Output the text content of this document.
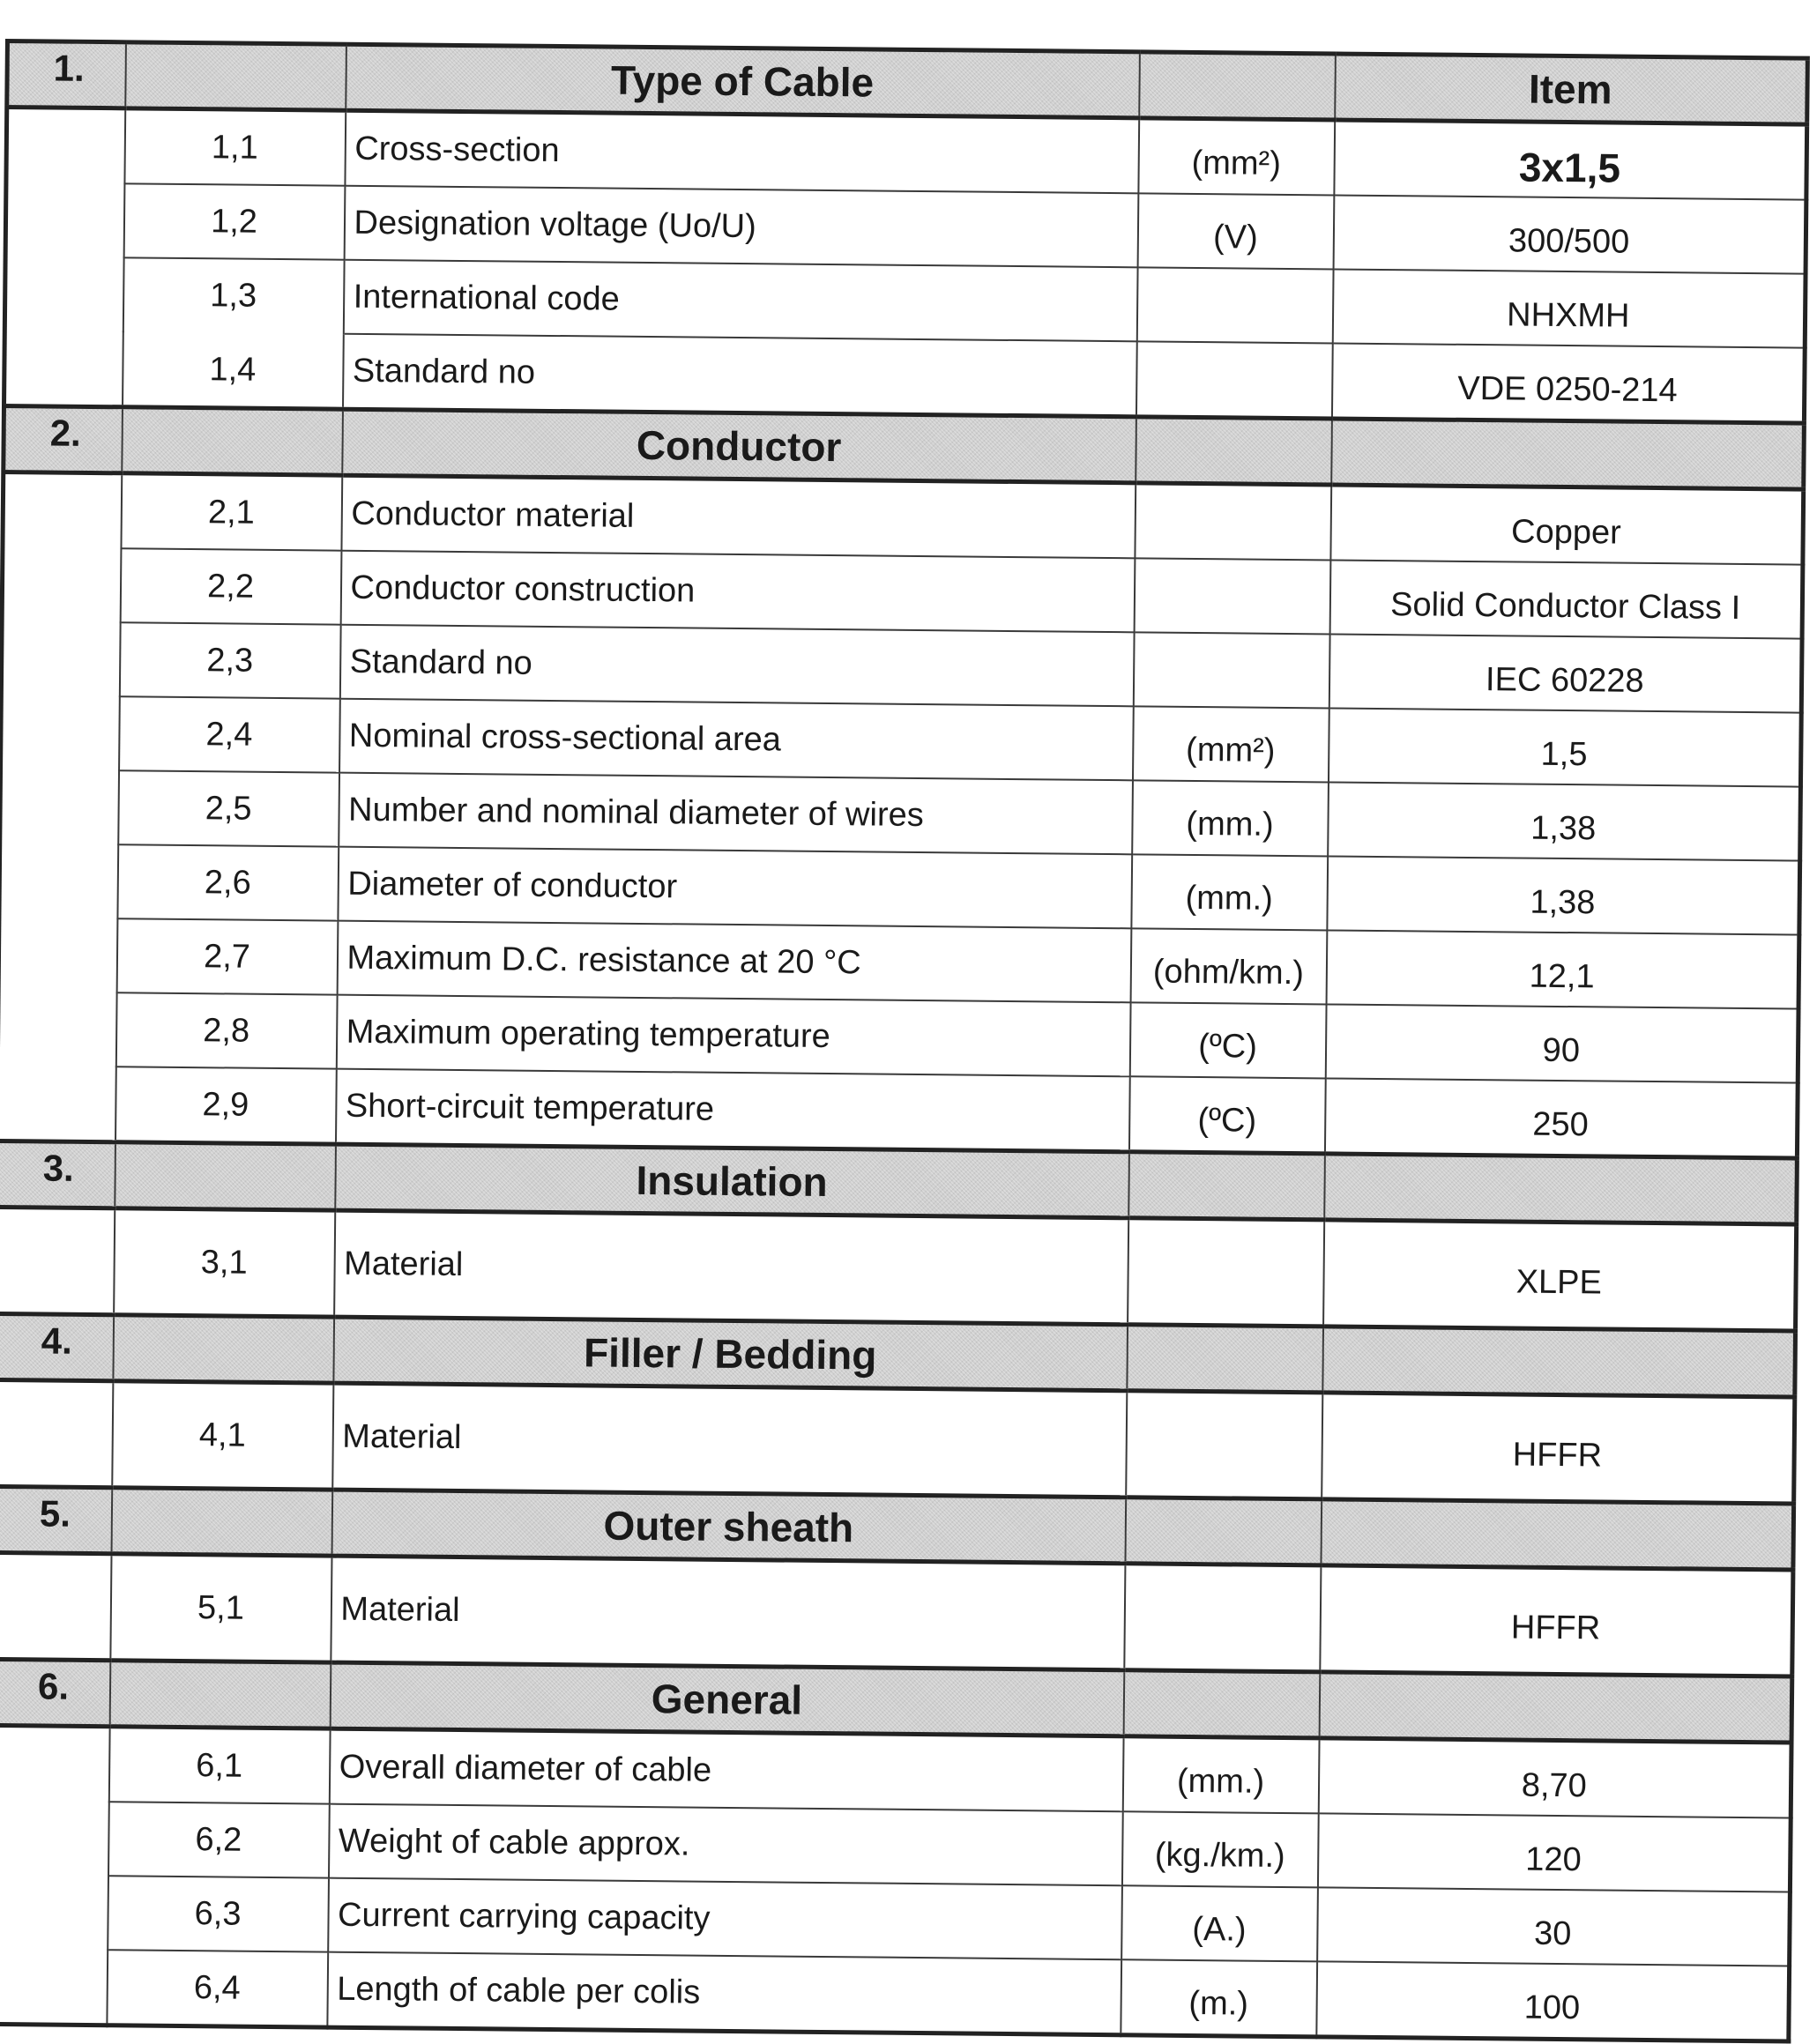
1.		Type of Cable		Item
	1,1	Cross-section	(mm²)	3x1,5
	1,2	Designation voltage (Uo/U)	(V)	300/500
	1,3	International code		NHXMH
	1,4	Standard no		VDE 0250-214
2.		Conductor		
	2,1	Conductor material		Copper
	2,2	Conductor construction		Solid Conductor Class I
	2,3	Standard no		IEC 60228
	2,4	Nominal cross-sectional area	(mm²)	1,5
	2,5	Number and nominal diameter of wires	(mm.)	1,38
	2,6	Diameter of conductor	(mm.)	1,38
	2,7	Maximum D.C. resistance at 20 °C	(ohm/km.)	12,1
	2,8	Maximum operating temperature	(ºC)	90
	2,9	Short-circuit temperature	(ºC)	250
3.		Insulation		
	3,1	Material		XLPE
4.		Filler / Bedding		
	4,1	Material		HFFR
5.		Outer sheath		
	5,1	Material		HFFR
6.		General		
	6,1	Overall diameter of cable	(mm.)	8,70
	6,2	Weight of cable approx.	(kg./km.)	120
	6,3	Current carrying capacity	(A.)	30
	6,4	Length of cable per colis	(m.)	100
